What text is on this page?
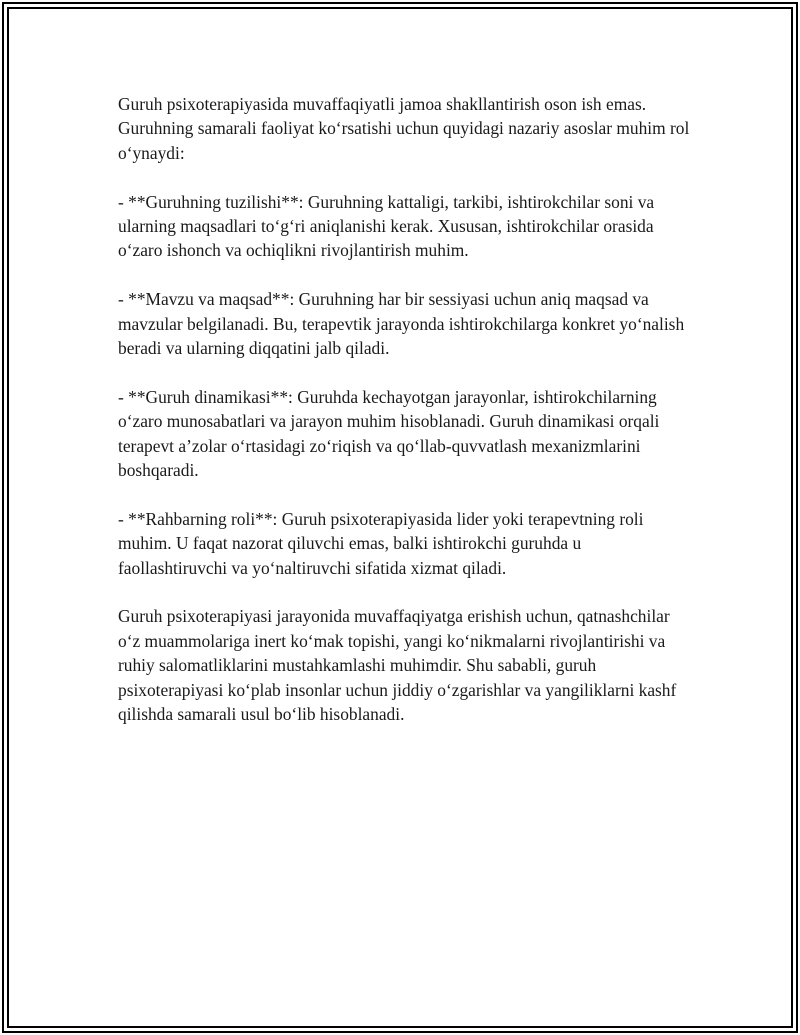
Guruh psixoterapiyasida muvaffaqiyatli jamoa shakllantirish oson ish emas. Guruhning samarali faoliyat ko‘rsatishi uchun quyidagi nazariy asoslar muhim rol o‘ynaydi:

- **Guruhning tuzilishi**: Guruhning kattaligi, tarkibi, ishtirokchilar soni va ularning maqsadlari to‘g‘ri aniqlanishi kerak. Xususan, ishtirokchilar orasida o‘zaro ishonch va ochiqlikni rivojlantirish muhim.

- **Mavzu va maqsad**: Guruhning har bir sessiyasi uchun aniq maqsad va mavzular belgilanadi. Bu, terapevtik jarayonda ishtirokchilarga konkret yo‘nalish beradi va ularning diqqatini jalb qiladi.

- **Guruh dinamikasi**: Guruhda kechayotgan jarayonlar, ishtirokchilarning o‘zaro munosabatlari va jarayon muhim hisoblanadi. Guruh dinamikasi orqali terapevt a’zolar o‘rtasidagi zo‘riqish va qo‘llab-quvvatlash mexanizmlarini boshqaradi.

- **Rahbarning roli**: Guruh psixoterapiyasida lider yoki terapevtning roli muhim. U faqat nazorat qiluvchi emas, balki ishtirokchi guruhda u faollashtiruvchi va yo‘naltiruvchi sifatida xizmat qiladi.

Guruh psixoterapiyasi jarayonida muvaffaqiyatga erishish uchun, qatnashchilar o‘z muammolariga inert ko‘mak topishi, yangi ko‘nikmalarni rivojlantirishi va ruhiy salomatliklarini mustahkamlashi muhimdir. Shu sababli, guruh psixoterapiyasi ko‘plab insonlar uchun jiddiy o‘zgarishlar va yangiliklarni kashf qilishda samarali usul bo‘lib hisoblanadi.
